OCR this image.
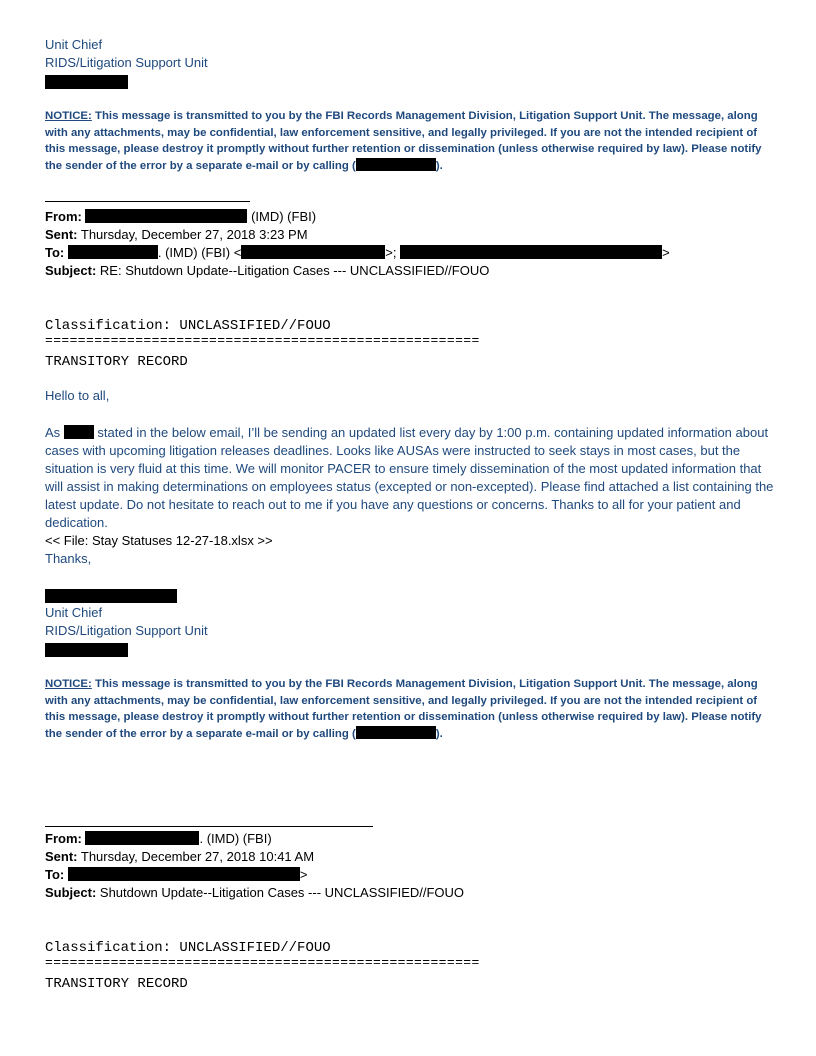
Unit Chief
RIDS/Litigation Support Unit
NOTICE: This message is transmitted to you by the FBI Records Management Division, Litigation Support Unit. The message, along with any attachments, may be confidential, law enforcement sensitive, and legally privileged. If you are not the intended recipient of this message, please destroy it promptly without further retention or dissemination (unless otherwise required by law). Please notify the sender of the error by a separate e-mail or by calling (	).
From:	(IMD) (FBI)
Sent: Thursday, December 27, 2018 3:23 PM
To:	. (IMD) (FBI) <	>;	>
Subject: RE: Shutdown Update--Litigation Cases --- UNCLASSIFIED//FOUO
Classification: UNCLASSIFIED//FOUO
=====================================================
TRANSITORY RECORD
Hello to all,
As  stated in the below email, I’ll be sending an updated list every day by 1:00 p.m. containing updated information about cases with upcoming litigation releases deadlines. Looks like AUSAs were instructed to seek stays in most cases, but the situation is very fluid at this time. We will monitor PACER to ensure timely dissemination of the most updated information that will assist in making determinations on employees status (excepted or non-excepted). Please find attached a list containing the latest update. Do not hesitate to reach out to me if you have any questions or concerns. Thanks to all for your patient and dedication.
<< File: Stay Statuses 12-27-18.xlsx >>
Thanks,
Unit Chief
RIDS/Litigation Support Unit
NOTICE: This message is transmitted to you by the FBI Records Management Division, Litigation Support Unit. The message, along with any attachments, may be confidential, law enforcement sensitive, and legally privileged. If you are not the intended recipient of this message, please destroy it promptly without further retention or dissemination (unless otherwise required by law). Please notify the sender of the error by a separate e-mail or by calling (	).
From:	. (IMD) (FBI)
Sent: Thursday, December 27, 2018 10:41 AM
To:	>
Subject: Shutdown Update--Litigation Cases --- UNCLASSIFIED//FOUO
Classification: UNCLASSIFIED//FOUO
=====================================================
TRANSITORY RECORD
